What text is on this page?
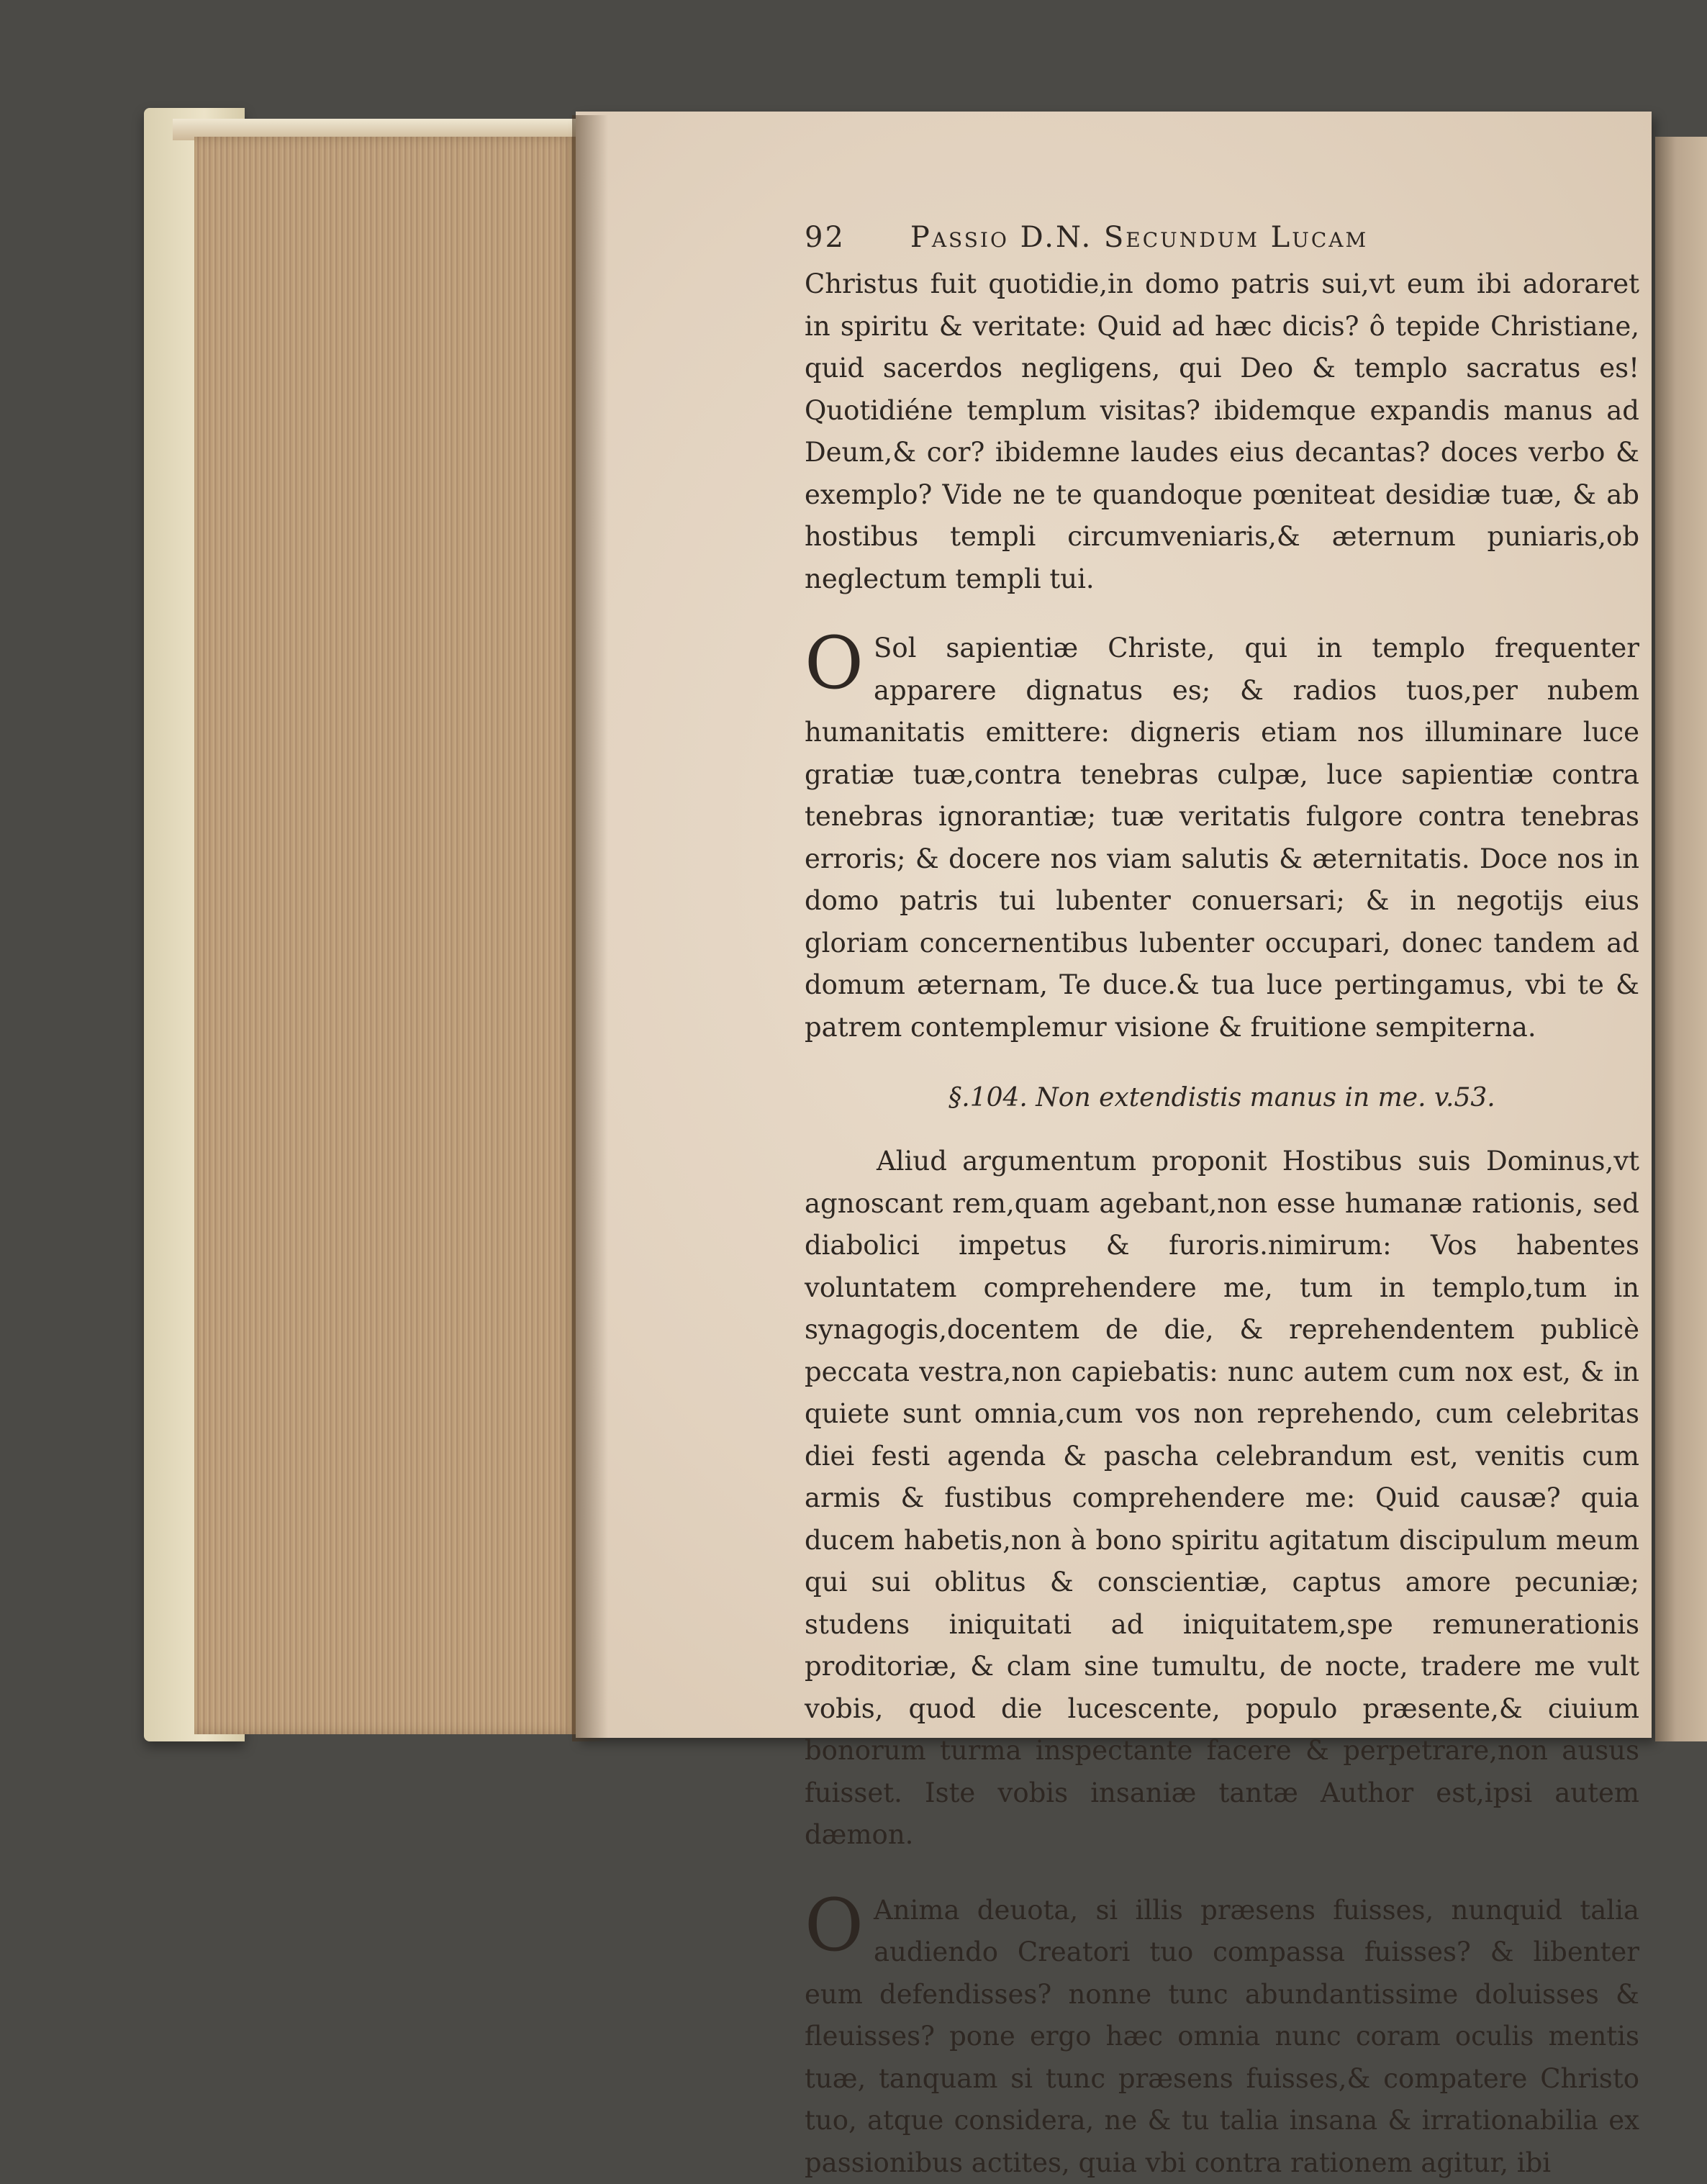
92 Passio D.N. Secundum Lucam

Christus fuit quotidie,in domo patris sui,vt eum ibi adoraret in spiritu & veritate: Quid ad hæc dicis? ô tepide Christiane, quid sacerdos negligens, qui Deo & templo sacratus es! Quotidiéne templum visitas? ibidemque expandis manus ad Deum,& cor? ibidemne laudes eius decantas? doces verbo & exemplo? Vide ne te quandoque pœniteat desidiæ tuæ, & ab hostibus templi circumveniaris,& æternum puniaris,ob neglectum templi tui.

O Sol sapientiæ Christe, qui in templo frequenter apparere dignatus es; & radios tuos,per nubem humanitatis emittere: digneris etiam nos illuminare luce gratiæ tuæ,contra tenebras culpæ, luce sapientiæ contra tenebras ignorantiæ; tuæ veritatis fulgore contra tenebras erroris; & docere nos viam salutis & æternitatis. Doce nos in domo patris tui lubenter conuersari; & in negotijs eius gloriam concernentibus lubenter occupari, donec tandem ad domum æternam, Te duce.& tua luce pertingamus, vbi te & patrem contemplemur visione & fruitione sempiterna.

§.104. Non extendistis manus in me. v.53.

Aliud argumentum proponit Hostibus suis Dominus,vt agnoscant rem,quam agebant,non esse humanæ rationis, sed diabolici impetus & furoris.nimirum: Vos habentes voluntatem comprehendere me, tum in templo,tum in synagogis,docentem de die, & reprehendentem publicè peccata vestra,non capiebatis: nunc autem cum nox est, & in quiete sunt omnia,cum vos non reprehendo, cum celebritas diei festi agenda & pascha celebrandum est, venitis cum armis & fustibus comprehendere me: Quid causæ? quia ducem habetis,non à bono spiritu agitatum discipulum meum qui sui oblitus & conscientiæ, captus amore pecuniæ; studens iniquitati ad iniquitatem,spe remunerationis proditoriæ, & clam sine tumultu, de nocte, tradere me vult vobis, quod die lucescente, populo præsente,& ciuium bonorum turma inspectante facere & perpetrare,non ausus fuisset. Iste vobis insaniæ tantæ Author est,ipsi autem dæmon.

O Anima deuota, si illis præsens fuisses, nunquid talia audiendo Creatori tuo compassa fuisses? & libenter eum defendisses? nonne tunc abundantissime doluisses & fleuisses? pone ergo hæc omnia nunc coram oculis mentis tuæ, tanquam si tunc præsens fuisses,& compatere Christo tuo, atque considera, ne & tu talia insana & irrationabilia ex passionibus actites, quia vbi contra rationem agitur, ibi
